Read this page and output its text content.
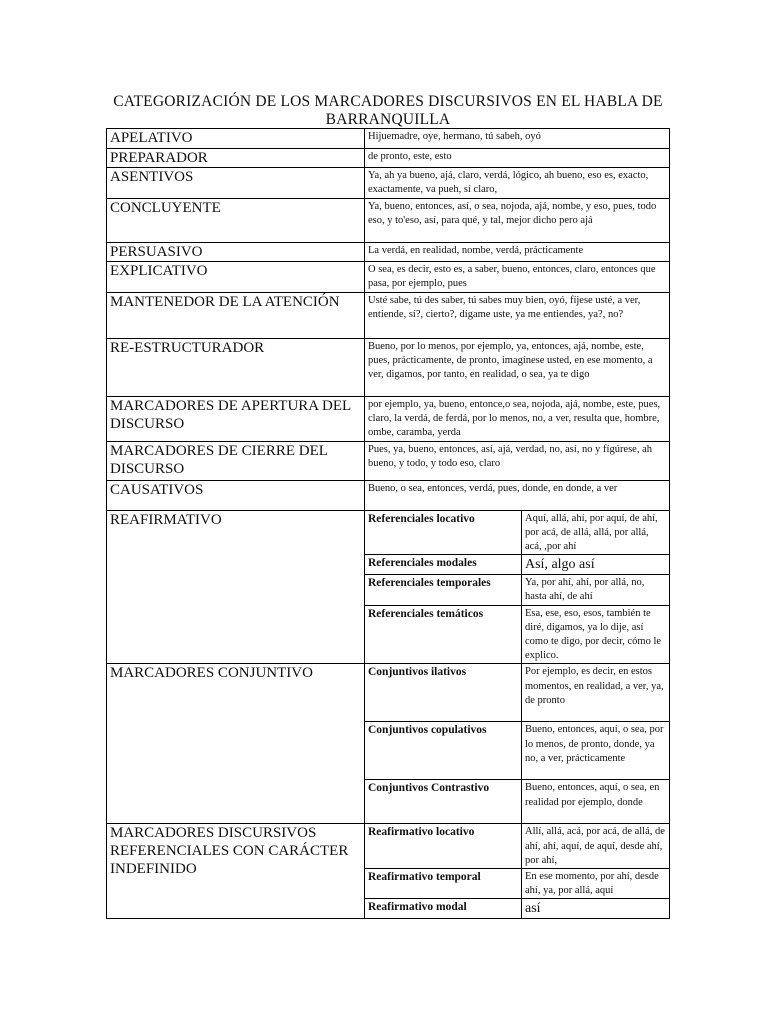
CATEGORIZACIÓN DE LOS MARCADORES DISCURSIVOS EN EL HABLA DE BARRANQUILLA
APELATIVO	Hijuemadre, oye, hermano, tú sabeh, oyó	
PREPARADOR	de pronto, este, esto	
ASENTIVOS	Ya, ah ya bueno, ajá, claro, verdá, lógico, ah bueno, eso es, exacto, exactamente, va pueh, sí claro,	
CONCLUYENTE	Ya, bueno, entonces, así, o sea, nojoda, ajá, nombe, y eso, pues, todo eso, y to'eso, así, para qué, y tal, mejor dicho pero ajá	
PERSUASIVO	La verdá, en realidad, nombe, verdá, prácticamente	
EXPLICATIVO	O sea, es decir, esto es, a saber, bueno, entonces, claro, entonces que pasa, por ejemplo, pues	
MANTENEDOR DE LA ATENCIÓN	Usté sabe, tú des saber, tú sabes muy bien, oyó, fíjese usté, a ver, entiende, sí?, cierto?, dígame uste, ya me entiendes, ya?, no?	
RE-ESTRUCTURADOR	Bueno, por lo menos, por ejemplo, ya, entonces, ajá, nombe, este, pues, prácticamente, de pronto, imagínese usted, en ese momento, a ver, digamos, por tanto, en realidad, o sea, ya te digo	
MARCADORES DE APERTURA DEL DISCURSO	por ejemplo, ya, bueno, entonce,o sea, nojoda, ajá, nombe, este, pues, claro, la verdá, de ferdá, por lo menos, no, a ver, resulta que, hombre, ombe, caramba, yerda	
MARCADORES DE CIERRE DEL DISCURSO	Pues, ya, bueno, entonces, así, ajá, verdad, no, así, no y fígúrese, ah bueno, y todo, y todo eso, claro	
CAUSATIVOS	Bueno, o sea, entonces, verdá, pues, donde, en donde, a ver	
REAFIRMATIVO	Referenciales locativo	Aquí, allá, ahí, por aquí, de ahí, por acá, de allá, allá, por allá, acá, ,por ahí
	Referenciales modales	Así, algo así
	Referenciales temporales	Ya, por ahí, ahí, por allá, no, hasta ahí, de ahí
	Referenciales temáticos	Esa, ese, eso, esos, también te diré, digamos, ya lo dije, así como te digo, por decir, cómo le explico.
MARCADORES CONJUNTIVO	Conjuntivos ilativos	Por ejemplo, es decir, en estos momentos, en realidad, a ver, ya, de pronto
	Conjuntivos copulativos	Bueno, entonces, aquí, o sea, por lo menos, de pronto, donde, ya no, a ver, prácticamente
	Conjuntivos Contrastivo	Bueno, entonces, aquí, o sea, en realidad por ejemplo, donde
MARCADORES DISCURSIVOS REFERENCIALES CON CARÁCTER INDEFINIDO	Reafirmativo locativo	Allí, allá, acá, por acá, de allá, de ahí, ahí, aquí, de aquí, desde ahí, por ahí,
	Reafirmativo temporal	En ese momento, por ahí, desde ahí, ya, por allá, aquí
	Reafirmativo modal	así
